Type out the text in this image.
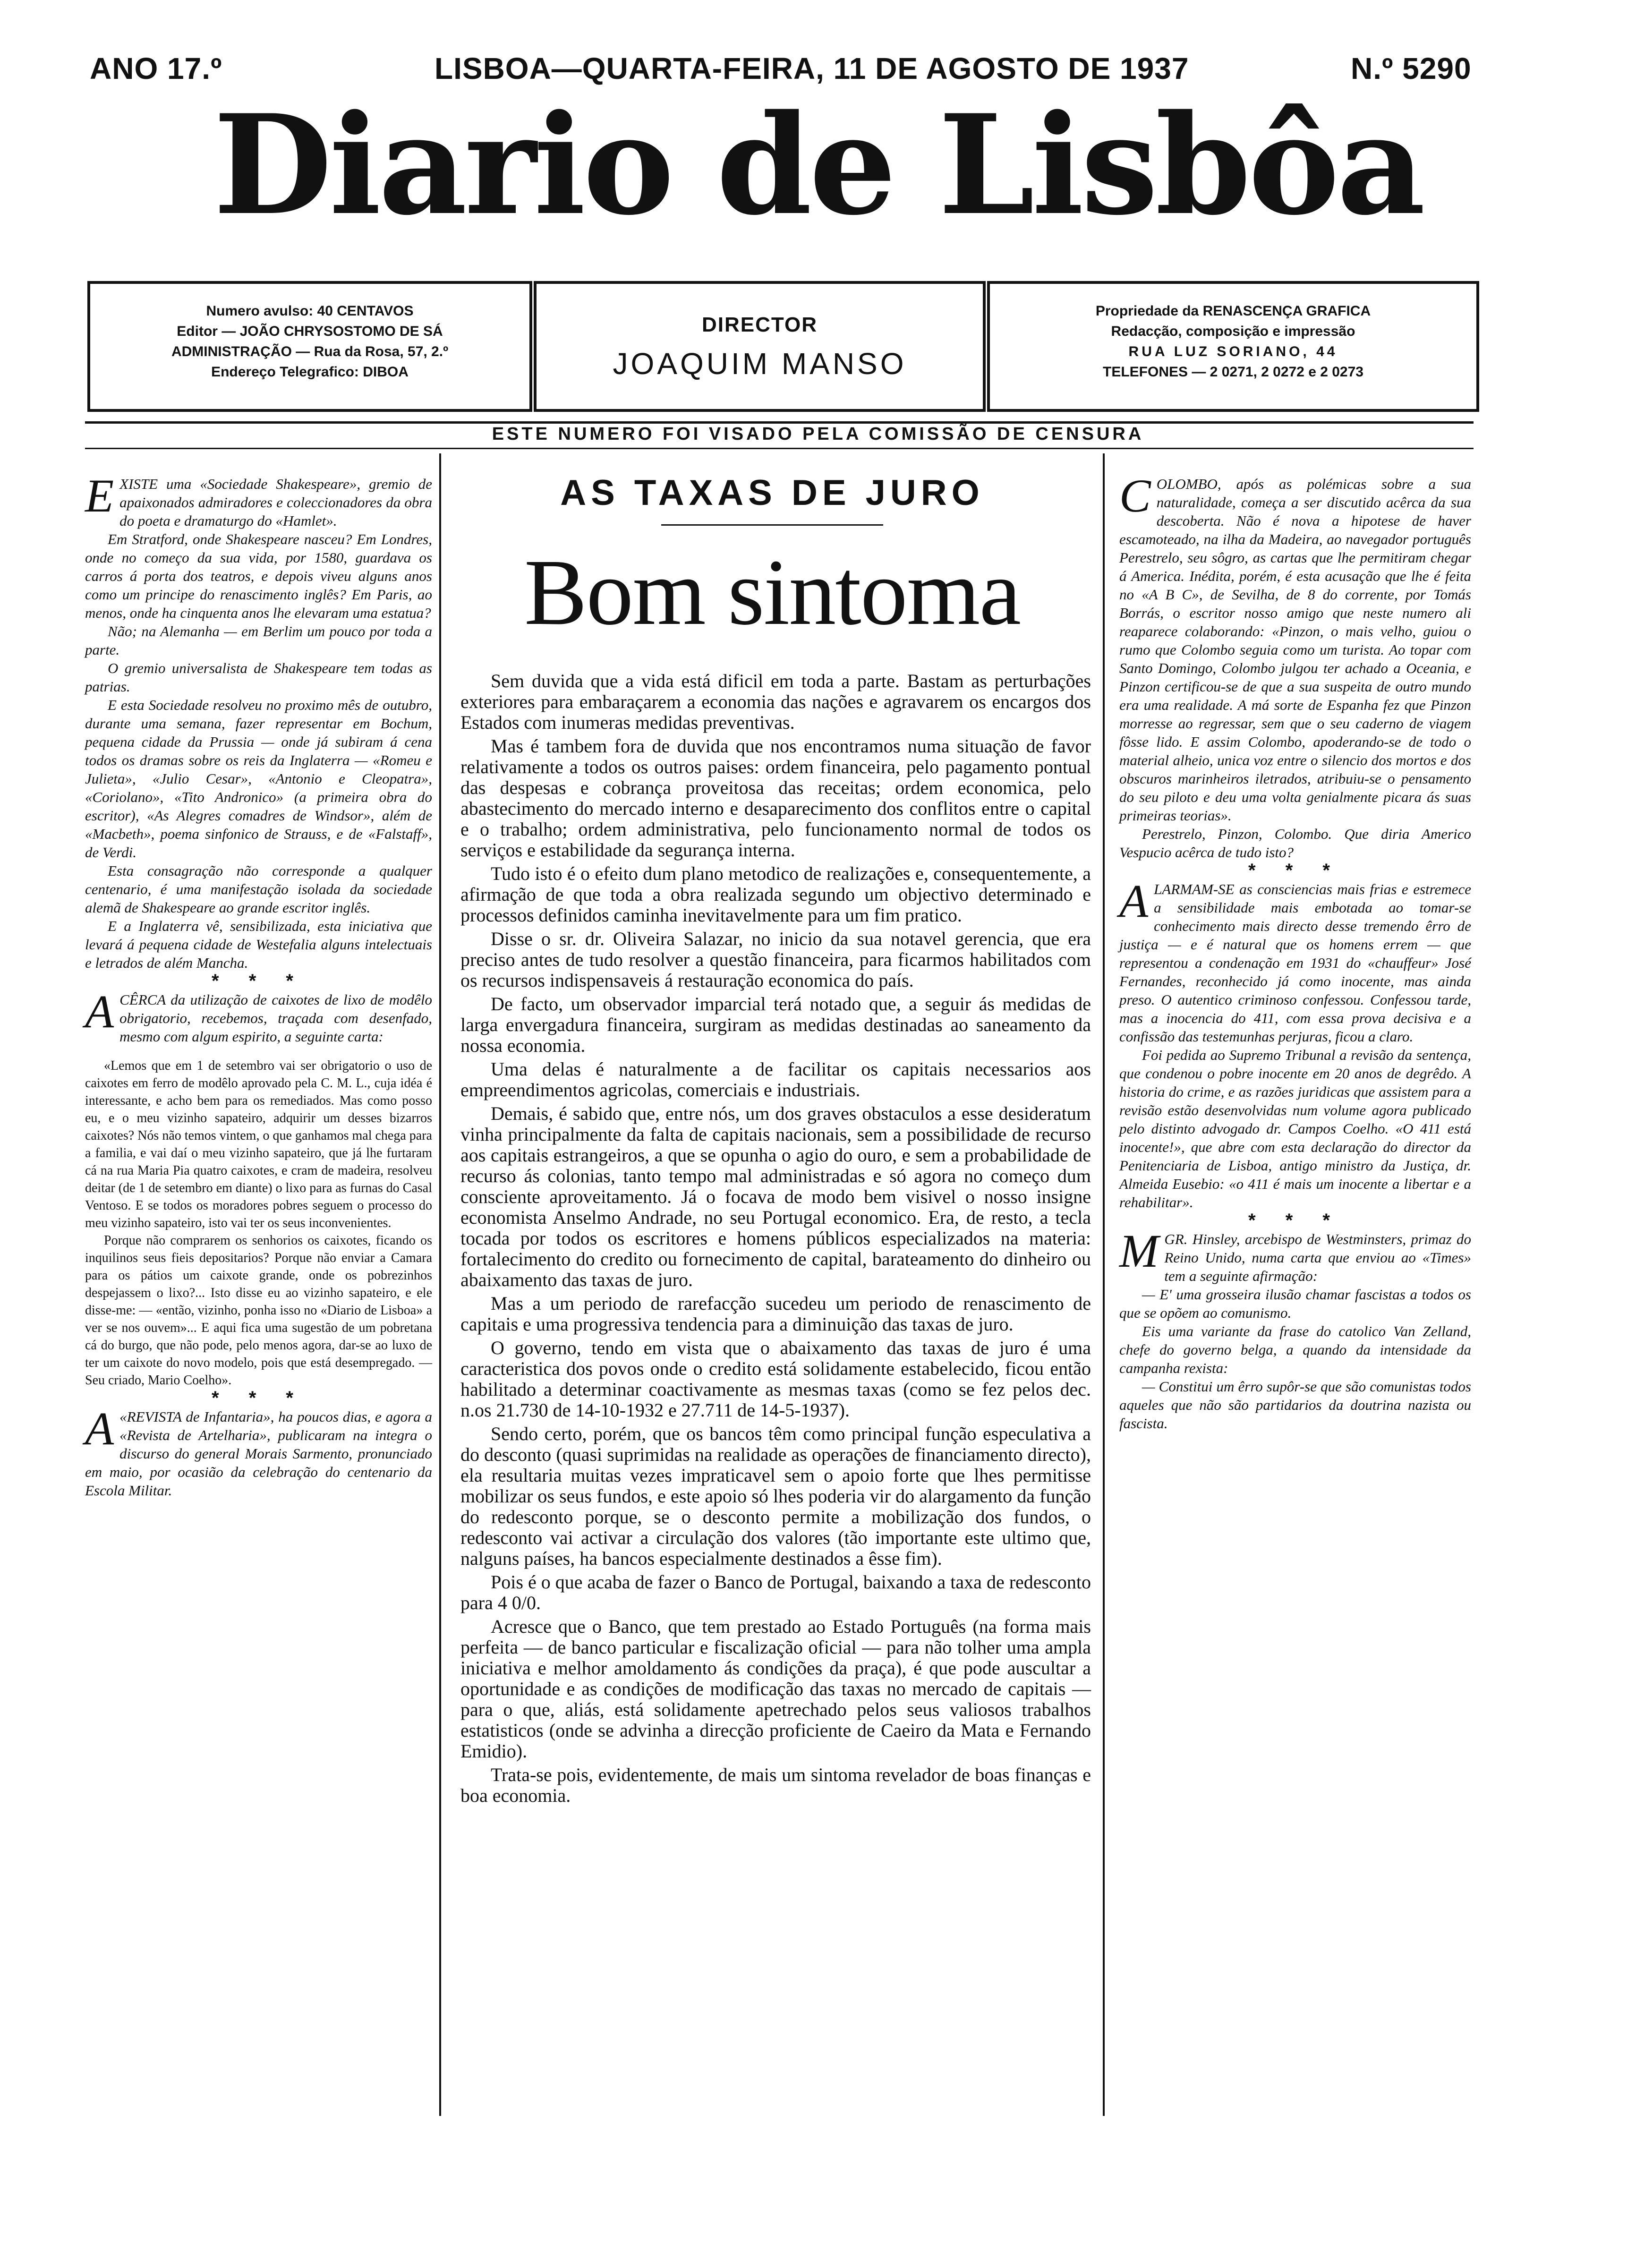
ANO 17.º	LISBOA—QUARTA-FEIRA, 11 DE AGOSTO DE 1937	N.º 5290
Diario de Lisbôa
Numero avulso: 40 CENTAVOS
Editor — JOÃO CHRYSOSTOMO DE SÁ
ADMINISTRAÇÃO — Rua da Rosa, 57, 2.º
Endereço Telegrafico: DIBOA
DIRECTOR
JOAQUIM MANSO
Propriedade da RENASCENÇA GRAFICA
Redacção, composição e impressão
RUA LUZ SORIANO, 44
TELEFONES — 2 0271, 2 0272 e 2 0273
ESTE NUMERO FOI VISADO PELA COMISSÃO DE CENSURA

EXISTE uma «Sociedade Shakespeare», gremio de apaixonados admiradores e coleccionadores da obra do poeta e dramaturgo do «Hamlet».

Em Stratford, onde Shakespeare nasceu? Em Londres, onde no começo da sua vida, por 1580, guardava os carros á porta dos teatros, e depois viveu alguns anos como um principe do renascimento inglês? Em Paris, ao menos, onde ha cinquenta anos lhe elevaram uma estatua?

Não; na Alemanha — em Berlim um pouco por toda a parte.

O gremio universalista de Shakespeare tem todas as patrias.

E esta Sociedade resolveu no proximo mês de outubro, durante uma semana, fazer representar em Bochum, pequena cidade da Prussia — onde já subiram á cena todos os dramas sobre os reis da Inglaterra — «Romeu e Julieta», «Julio Cesar», «Antonio e Cleopatra», «Coriolano», «Tito Andronico» (a primeira obra do escritor), «As Alegres comadres de Windsor», além de «Macbeth», poema sinfonico de Strauss, e de «Falstaff», de Verdi.

Esta consagração não corresponde a qualquer centenario, é uma manifestação isolada da sociedade alemã de Shakespeare ao grande escritor inglês.

E a Inglaterra vê, sensibilizada, esta iniciativa que levará á pequena cidade de Westefalia alguns intelectuais e letrados de além Mancha.

* * *

ACÊRCA da utilização de caixotes de lixo de modêlo obrigatorio, recebemos, traçada com desenfado, mesmo com algum espirito, a seguinte carta:

«Lemos que em 1 de setembro vai ser obrigatorio o uso de caixotes em ferro de modêlo aprovado pela C. M. L., cuja idéa é interessante, e acho bem para os remediados. Mas como posso eu, e o meu vizinho sapateiro, adquirir um desses bizarros caixotes? Nós não temos vintem, o que ganhamos mal chega para a familia, e vai daí o meu vizinho sapateiro, que já lhe furtaram cá na rua Maria Pia quatro caixotes, e cram de madeira, resolveu deitar (de 1 de setembro em diante) o lixo para as furnas do Casal Ventoso. E se todos os moradores pobres seguem o processo do meu vizinho sapateiro, isto vai ter os seus inconvenientes.

Porque não comprarem os senhorios os caixotes, ficando os inquilinos seus fieis depositarios? Porque não enviar a Camara para os pátios um caixote grande, onde os pobrezinhos despejassem o lixo?... Isto disse eu ao vizinho sapateiro, e ele disse-me: — «então, vizinho, ponha isso no «Diario de Lisboa» a ver se nos ouvem»... E aqui fica uma sugestão de um pobretana cá do burgo, que não pode, pelo menos agora, dar-se ao luxo de ter um caixote do novo modelo, pois que está desempregado. — Seu criado, Mario Coelho».

* * *

A «REVISTA de Infantaria», ha poucos dias, e agora a «Revista de Artelharia», publicaram na integra o discurso do general Morais Sarmento, pronunciado em maio, por ocasião da celebração do centenario da Escola Militar.

AS TAXAS DE JURO
Bom sintoma

Sem duvida que a vida está dificil em toda a parte. Bastam as perturbações exteriores para embaraçarem a economia das nações e agravarem os encargos dos Estados com inumeras medidas preventivas.

Mas é tambem fora de duvida que nos encontramos numa situação de favor relativamente a todos os outros paises: ordem financeira, pelo pagamento pontual das despesas e cobrança proveitosa das receitas; ordem economica, pelo abastecimento do mercado interno e desaparecimento dos conflitos entre o capital e o trabalho; ordem administrativa, pelo funcionamento normal de todos os serviços e estabilidade da segurança interna.

Tudo isto é o efeito dum plano metodico de realizações e, consequentemente, a afirmação de que toda a obra realizada segundo um objectivo determinado e processos definidos caminha inevitavelmente para um fim pratico.

Disse o sr. dr. Oliveira Salazar, no inicio da sua notavel gerencia, que era preciso antes de tudo resolver a questão financeira, para ficarmos habilitados com os recursos indispensaveis á restauração economica do país.

De facto, um observador imparcial terá notado que, a seguir ás medidas de larga envergadura financeira, surgiram as medidas destinadas ao saneamento da nossa economia.

Uma delas é naturalmente a de facilitar os capitais necessarios aos empreendimentos agricolas, comerciais e industriais.

Demais, é sabido que, entre nós, um dos graves obstaculos a esse desideratum vinha principalmente da falta de capitais nacionais, sem a possibilidade de recurso aos capitais estrangeiros, a que se opunha o agio do ouro, e sem a probabilidade de recurso ás colonias, tanto tempo mal administradas e só agora no começo dum consciente aproveitamento. Já o focava de modo bem visivel o nosso insigne economista Anselmo Andrade, no seu Portugal economico. Era, de resto, a tecla tocada por todos os escritores e homens públicos especializados na materia: fortalecimento do credito ou fornecimento de capital, barateamento do dinheiro ou abaixamento das taxas de juro.

Mas a um periodo de rarefacção sucedeu um periodo de renascimento de capitais e uma progressiva tendencia para a diminuição das taxas de juro.

O governo, tendo em vista que o abaixamento das taxas de juro é uma caracteristica dos povos onde o credito está solidamente estabelecido, ficou então habilitado a determinar coactivamente as mesmas taxas (como se fez pelos dec. n.os 21.730 de 14-10-1932 e 27.711 de 14-5-1937).

Sendo certo, porém, que os bancos têm como principal função especulativa a do desconto (quasi suprimidas na realidade as operações de financiamento directo), ela resultaria muitas vezes impraticavel sem o apoio forte que lhes permitisse mobilizar os seus fundos, e este apoio só lhes poderia vir do alargamento da função do redesconto porque, se o desconto permite a mobilização dos fundos, o redesconto vai activar a circulação dos valores (tão importante este ultimo que, nalguns países, ha bancos especialmente destinados a êsse fim).

Pois é o que acaba de fazer o Banco de Portugal, baixando a taxa de redesconto para 4 0/0.

Acresce que o Banco, que tem prestado ao Estado Português (na forma mais perfeita — de banco particular e fiscalização oficial — para não tolher uma ampla iniciativa e melhor amoldamento ás condições da praça), é que pode auscultar a oportunidade e as condições de modificação das taxas no mercado de capitais — para o que, aliás, está solidamente apetrechado pelos seus valiosos trabalhos estatisticos (onde se advinha a direcção proficiente de Caeiro da Mata e Fernando Emidio).

Trata-se pois, evidentemente, de mais um sintoma revelador de boas finanças e boa economia.

COLOMBO, após as polémicas sobre a sua naturalidade, começa a ser discutido acêrca da sua descoberta. Não é nova a hipotese de haver escamoteado, na ilha da Madeira, ao navegador português Perestrelo, seu sôgro, as cartas que lhe permitiram chegar á America. Inédita, porém, é esta acusação que lhe é feita no «A B C», de Sevilha, de 8 do corrente, por Tomás Borrás, o escritor nosso amigo que neste numero ali reaparece colaborando: «Pinzon, o mais velho, guiou o rumo que Colombo seguia como um turista. Ao topar com Santo Domingo, Colombo julgou ter achado a Oceania, e Pinzon certificou-se de que a sua suspeita de outro mundo era uma realidade. A má sorte de Espanha fez que Pinzon morresse ao regressar, sem que o seu caderno de viagem fôsse lido. E assim Colombo, apoderando-se de todo o material alheio, unica voz entre o silencio dos mortos e dos obscuros marinheiros iletrados, atribuiu-se o pensamento do seu piloto e deu uma volta genialmente picara ás suas primeiras teorias».

Perestrelo, Pinzon, Colombo. Que diria Americo Vespucio acêrca de tudo isto?

* * *

ALARMAM-SE as consciencias mais frias e estremece a sensibilidade mais embotada ao tomar-se conhecimento mais directo desse tremendo êrro de justiça — e é natural que os homens errem — que representou a condenação em 1931 do «chauffeur» José Fernandes, reconhecido já como inocente, mas ainda preso. O autentico criminoso confessou. Confessou tarde, mas a inocencia do 411, com essa prova decisiva e a confissão das testemunhas perjuras, ficou a claro.

Foi pedida ao Supremo Tribunal a revisão da sentença, que condenou o pobre inocente em 20 anos de degrêdo. A historia do crime, e as razões juridicas que assistem para a revisão estão desenvolvidas num volume agora publicado pelo distinto advogado dr. Campos Coelho. «O 411 está inocente!», que abre com esta declaração do director da Penitenciaria de Lisboa, antigo ministro da Justiça, dr. Almeida Eusebio: «o 411 é mais um inocente a libertar e a rehabilitar».

* * *

MGR. Hinsley, arcebispo de Westminsters, primaz do Reino Unido, numa carta que enviou ao «Times» tem a seguinte afirmação:

— E' uma grosseira ilusão chamar fascistas a todos os que se opõem ao comunismo.

Eis uma variante da frase do catolico Van Zelland, chefe do governo belga, a quando da intensidade da campanha rexista:

— Constitui um êrro supôr-se que são comunistas todos aqueles que não são partidarios da doutrina nazista ou fascista.
